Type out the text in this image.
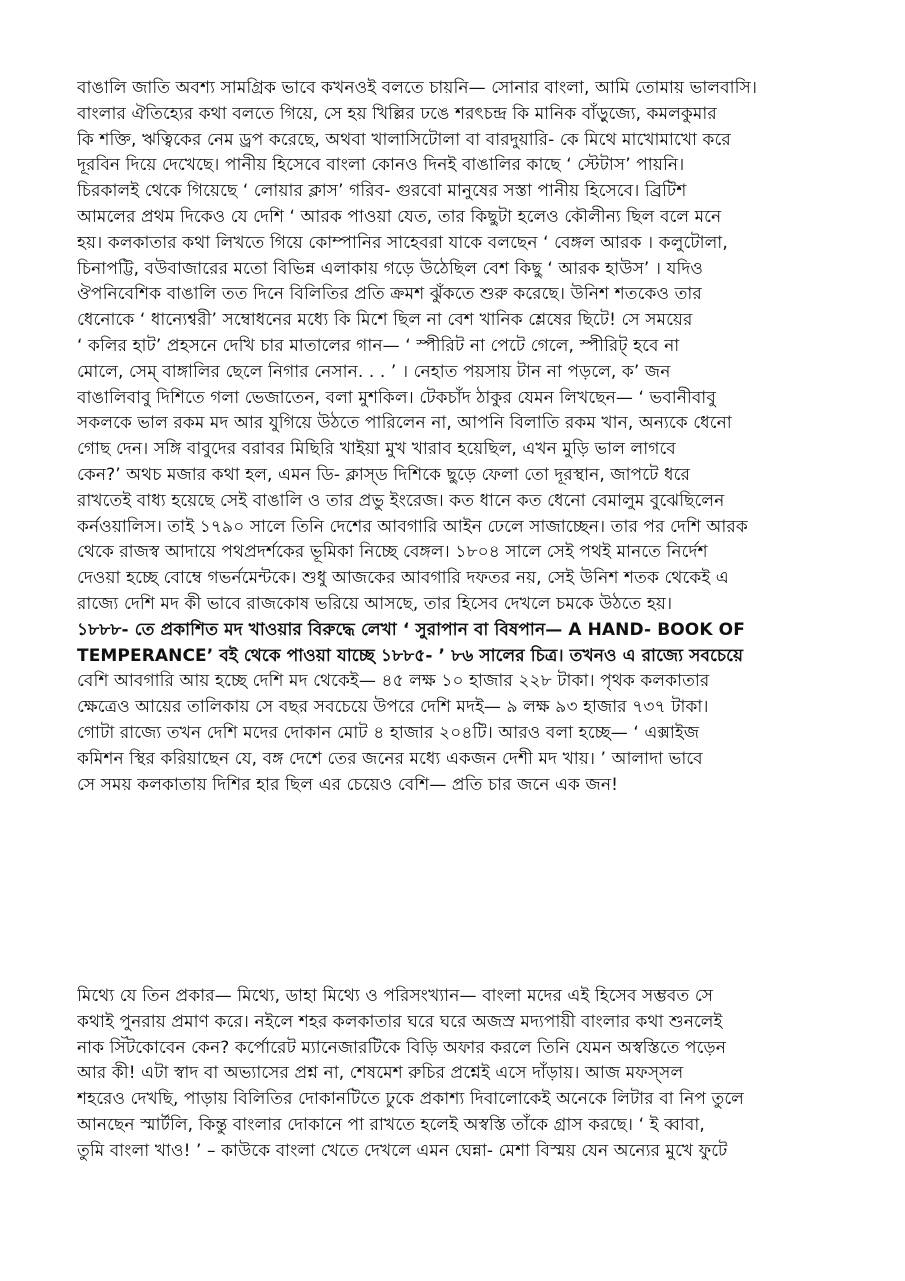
বাঙালি জাতি অবশ্য সামগ্রিক ভাবে কখনওই বলতে চায়নি— সোনার বাংলা, আমি তোমায় ভালবাসি।
বাংলার ঐতিহ্যের কথা বলতে গিয়ে, সে হয় খিল্লির ঢঙে শরৎচন্দ্র কি মানিক বাঁড়ুজ্যে, কমলকুমার
কি শক্তি, ঋত্বিকের নেম ড্রপ করেছে, অথবা খালাসিটোলা বা বারদুয়ারি- কে মিথে মাখোমাখো করে
দূরবিন দিয়ে দেখেছে। পানীয় হিসেবে বাংলা কোনও দিনই বাঙালির কাছে ‘ স্টেটাস’ পায়নি।
চিরকালই থেকে গিয়েছে ‘ লোয়ার ক্লাস’ গরিব- গুরবো মানুষের সস্তা পানীয় হিসেবে। ব্রিটিশ
আমলের প্রথম দিকেও যে দেশি ‘ আরক পাওয়া যেত, তার কিছুটা হলেও কৌলীন্য ছিল বলে মনে
হয়। কলকাতার কথা লিখতে গিয়ে কোম্পানির সাহেবরা যাকে বলছেন ‘ বেঙ্গল আরক । কলুটোলা,
চিনাপট্টি, বউবাজারের মতো বিভিন্ন এলাকায় গড়ে উঠেছিল বেশ কিছু ‘ আরক হাউস’ । যদিও
ঔপনিবেশিক বাঙালি তত দিনে বিলিতির প্রতি ক্রমশ ঝুঁকতে শুরু করেছে। উনিশ শতকেও তার
ধেনোকে ‘ ধান্যেশ্বরী’ সম্বোধনের মধ্যে কি মিশে ছিল না বেশ খানিক শ্লেষের ছিটে! সে সময়ের
‘ কলির হাট’ প্রহসনে দেখি চার মাতালের গান— ‘ স্পীরিট না পেটে গেলে, স্পীরিট্ হবে না
মোলে, সেম্ বাঙ্গালির ছেলে নিগার নেসান. . . ’ । নেহাত পয়সায় টান না পড়লে, ক’ জন
বাঙালিবাবু দিশিতে গলা ভেজাতেন, বলা মুশকিল। টেকচাঁদ ঠাকুর যেমন লিখছেন— ‘ ভবানীবাবু
সকলকে ভাল রকম মদ আর যুগিয়ে উঠতে পারিলেন না, আপনি বিলাতি রকম খান, অন্যকে ধেনো
গোছ দেন। সঙ্গি বাবুদের বরাবর মিছিরি খাইয়া মুখ খারাব হয়েছিল, এখন মুড়ি ভাল লাগবে
কেন?’ অথচ মজার কথা হল, এমন ডি- ক্লাস্‌ড দিশিকে ছুড়ে ফেলা তো দূরস্থান, জাপটে ধরে
রাখতেই বাধ্য হয়েছে সেই বাঙালি ও তার প্রভু ইংরেজ। কত ধানে কত ধেনো বেমালুম বুঝেছিলেন
কর্নওয়ালিস। তাই ১৭৯০ সালে তিনি দেশের আবগারি আইন ঢেলে সাজাচ্ছেন। তার পর দেশি আরক
থেকে রাজস্ব আদায়ে পথপ্রদর্শকের ভূমিকা নিচ্ছে বেঙ্গল। ১৮০৪ সালে সেই পথই মানতে নির্দেশ
দেওয়া হচ্ছে বোম্বে গভর্নমেন্টকে। শুধু আজকের আবগারি দফতর নয়, সেই উনিশ শতক থেকেই এ
রাজ্যে দেশি মদ কী ভাবে রাজকোষ ভরিয়ে আসছে, তার হিসেব দেখলে চমকে উঠতে হয়।
১৮৮৮- তে প্রকাশিত মদ খাওয়ার বিরুদ্ধে লেখা ‘ সুরাপান বা বিষপান— A HAND- BOOK OF
TEMPERANCE’ বই থেকে পাওয়া যাচ্ছে ১৮৮৫- ’ ৮৬ সালের চিত্র। তখনও এ রাজ্যে সবচেয়ে
বেশি আবগারি আয় হচ্ছে দেশি মদ থেকেই— ৪৫ লক্ষ ১০ হাজার ২২৮ টাকা। পৃথক কলকাতার
ক্ষেত্রেও আয়ের তালিকায় সে বছর সবচেয়ে উপরে দেশি মদই— ৯ লক্ষ ৯৩ হাজার ৭৩৭ টাকা।
গোটা রাজ্যে তখন দেশি মদের দোকান মোট ৪ হাজার ২০৪টি। আরও বলা হচ্ছে— ‘ এক্সাইজ
কমিশন স্থির করিয়াছেন যে, বঙ্গ দেশে তের জনের মধ্যে একজন দেশী মদ খায়। ’ আলাদা ভাবে
সে সময় কলকাতায় দিশির হার ছিল এর চেয়েও বেশি— প্রতি চার জনে এক জন!
মিথ্যে যে তিন প্রকার— মিথ্যে, ডাহা মিথ্যে ও পরিসংখ্যান— বাংলা মদের এই হিসেব সম্ভবত সে
কথাই পুনরায় প্রমাণ করে। নইলে শহর কলকাতার ঘরে ঘরে অজস্র মদ্যপায়ী বাংলার কথা শুনলেই
নাক সিঁটকোবেন কেন? কর্পোরেট ম্যানেজারটিকে বিড়ি অফার করলে তিনি যেমন অস্বস্তিতে পড়েন
আর কী! এটা স্বাদ বা অভ্যাসের প্রশ্ন না, শেষমেশ রুচির প্রশ্নেই এসে দাঁড়ায়। আজ মফস্সল
শহরেও দেখছি, পাড়ায় বিলিতির দোকানটিতে ঢুকে প্রকাশ্য দিবালোকেই অনেকে লিটার বা নিপ তুলে
আনছেন স্মার্টলি, কিন্তু বাংলার দোকানে পা রাখতে হলেই অস্বস্তি তাঁকে গ্রাস করছে। ‘ ই ব্বাবা,
তুমি বাংলা খাও! ’ – কাউকে বাংলা খেতে দেখলে এমন ঘেন্না- মেশা বিস্ময় যেন অন্যের মুখে ফুটে
